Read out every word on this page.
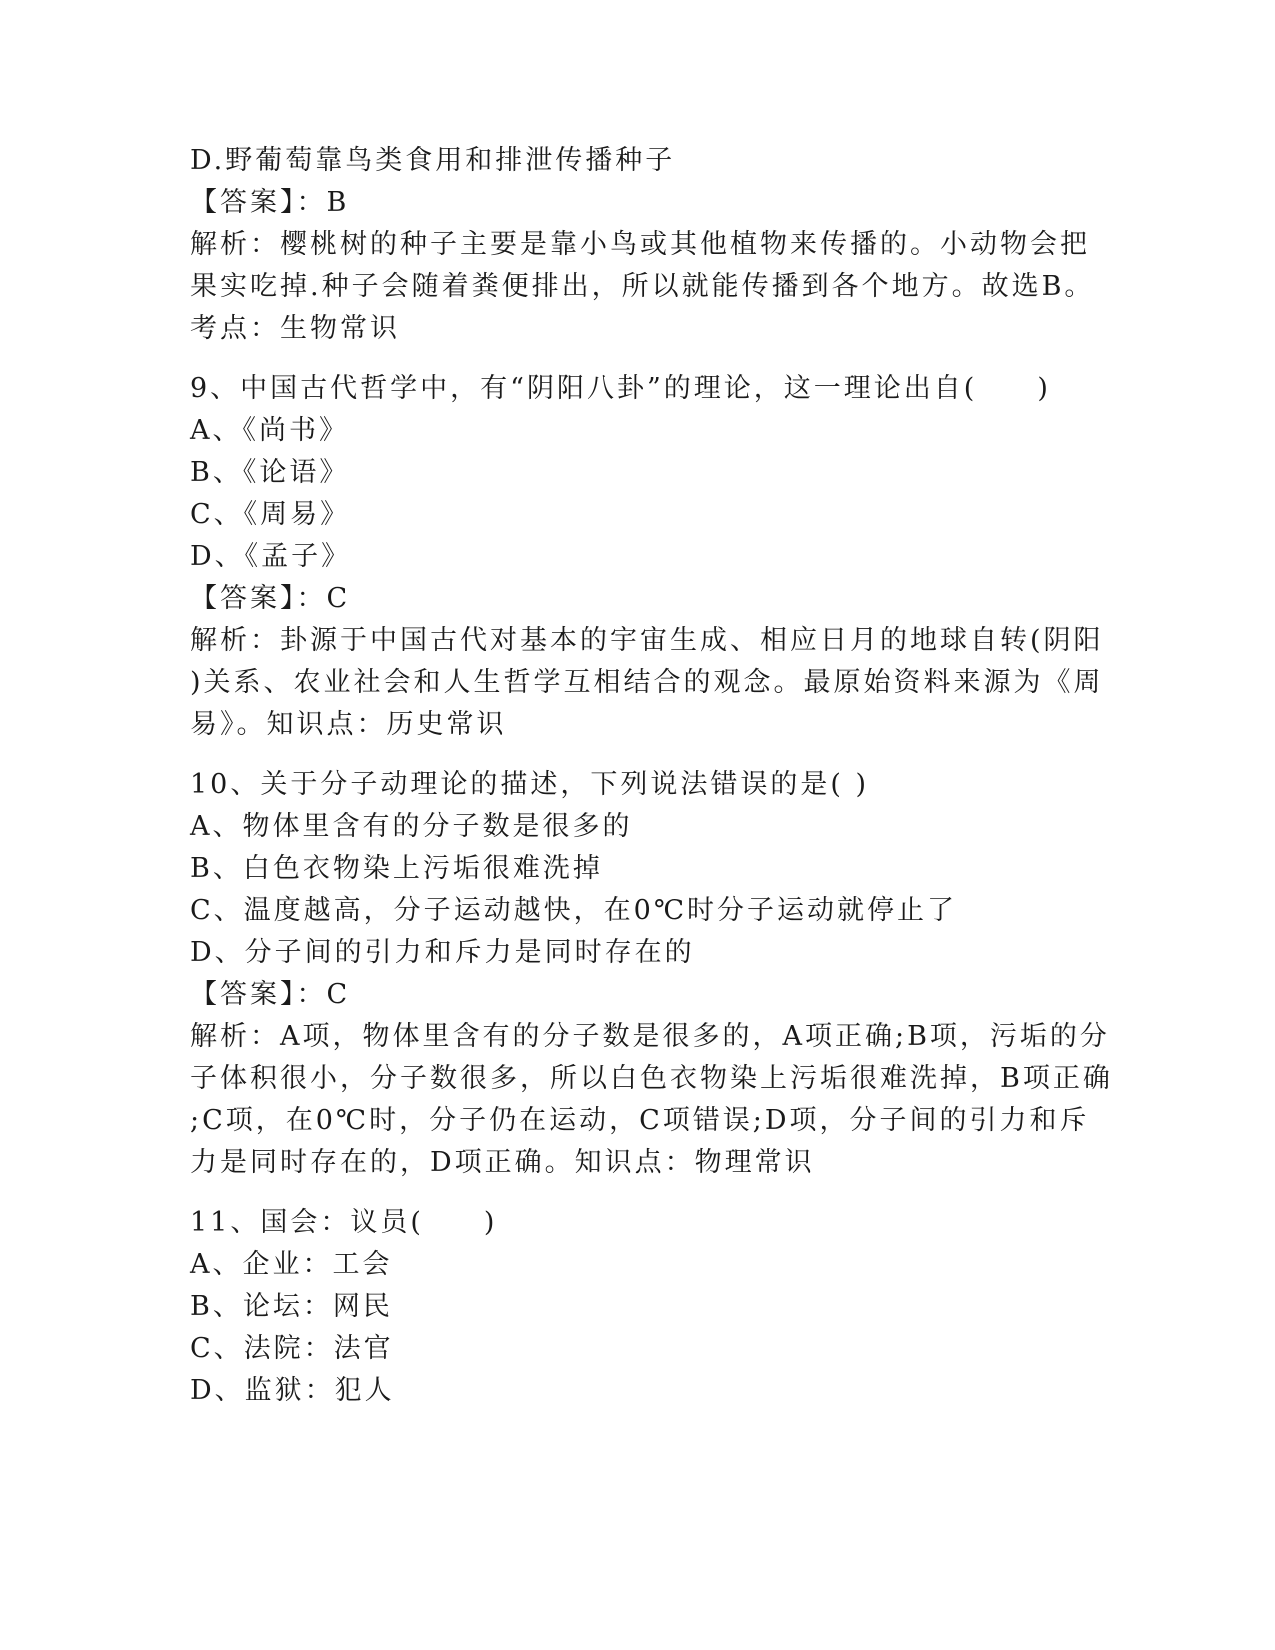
D.野葡萄靠鸟类食用和排泄传播种子
【答案】：B
解析：樱桃树的种子主要是靠小鸟或其他植物来传播的。小动物会把
果实吃掉.种子会随着粪便排出，所以就能传播到各个地方。故选B。
考点：生物常识
9、中国古代哲学中，有“阴阳八卦”的理论，这一理论出自(　　)
A、《尚书》
B、《论语》
C、《周易》
D、《孟子》
【答案】：C
解析：卦源于中国古代对基本的宇宙生成、相应日月的地球自转(阴阳
)关系、农业社会和人生哲学互相结合的观念。最原始资料来源为《周
易》。知识点：历史常识
10、关于分子动理论的描述，下列说法错误的是( )
A、物体里含有的分子数是很多的
B、白色衣物染上污垢很难洗掉
C、温度越高，分子运动越快，在0℃时分子运动就停止了
D、分子间的引力和斥力是同时存在的
【答案】：C
解析：A项，物体里含有的分子数是很多的，A项正确;B项，污垢的分
子体积很小，分子数很多，所以白色衣物染上污垢很难洗掉，B项正确
;C项，在0℃时，分子仍在运动，C项错误;D项，分子间的引力和斥
力是同时存在的，D项正确。知识点：物理常识
11、国会：议员(　　)
A、企业：工会
B、论坛：网民
C、法院：法官
D、监狱：犯人
